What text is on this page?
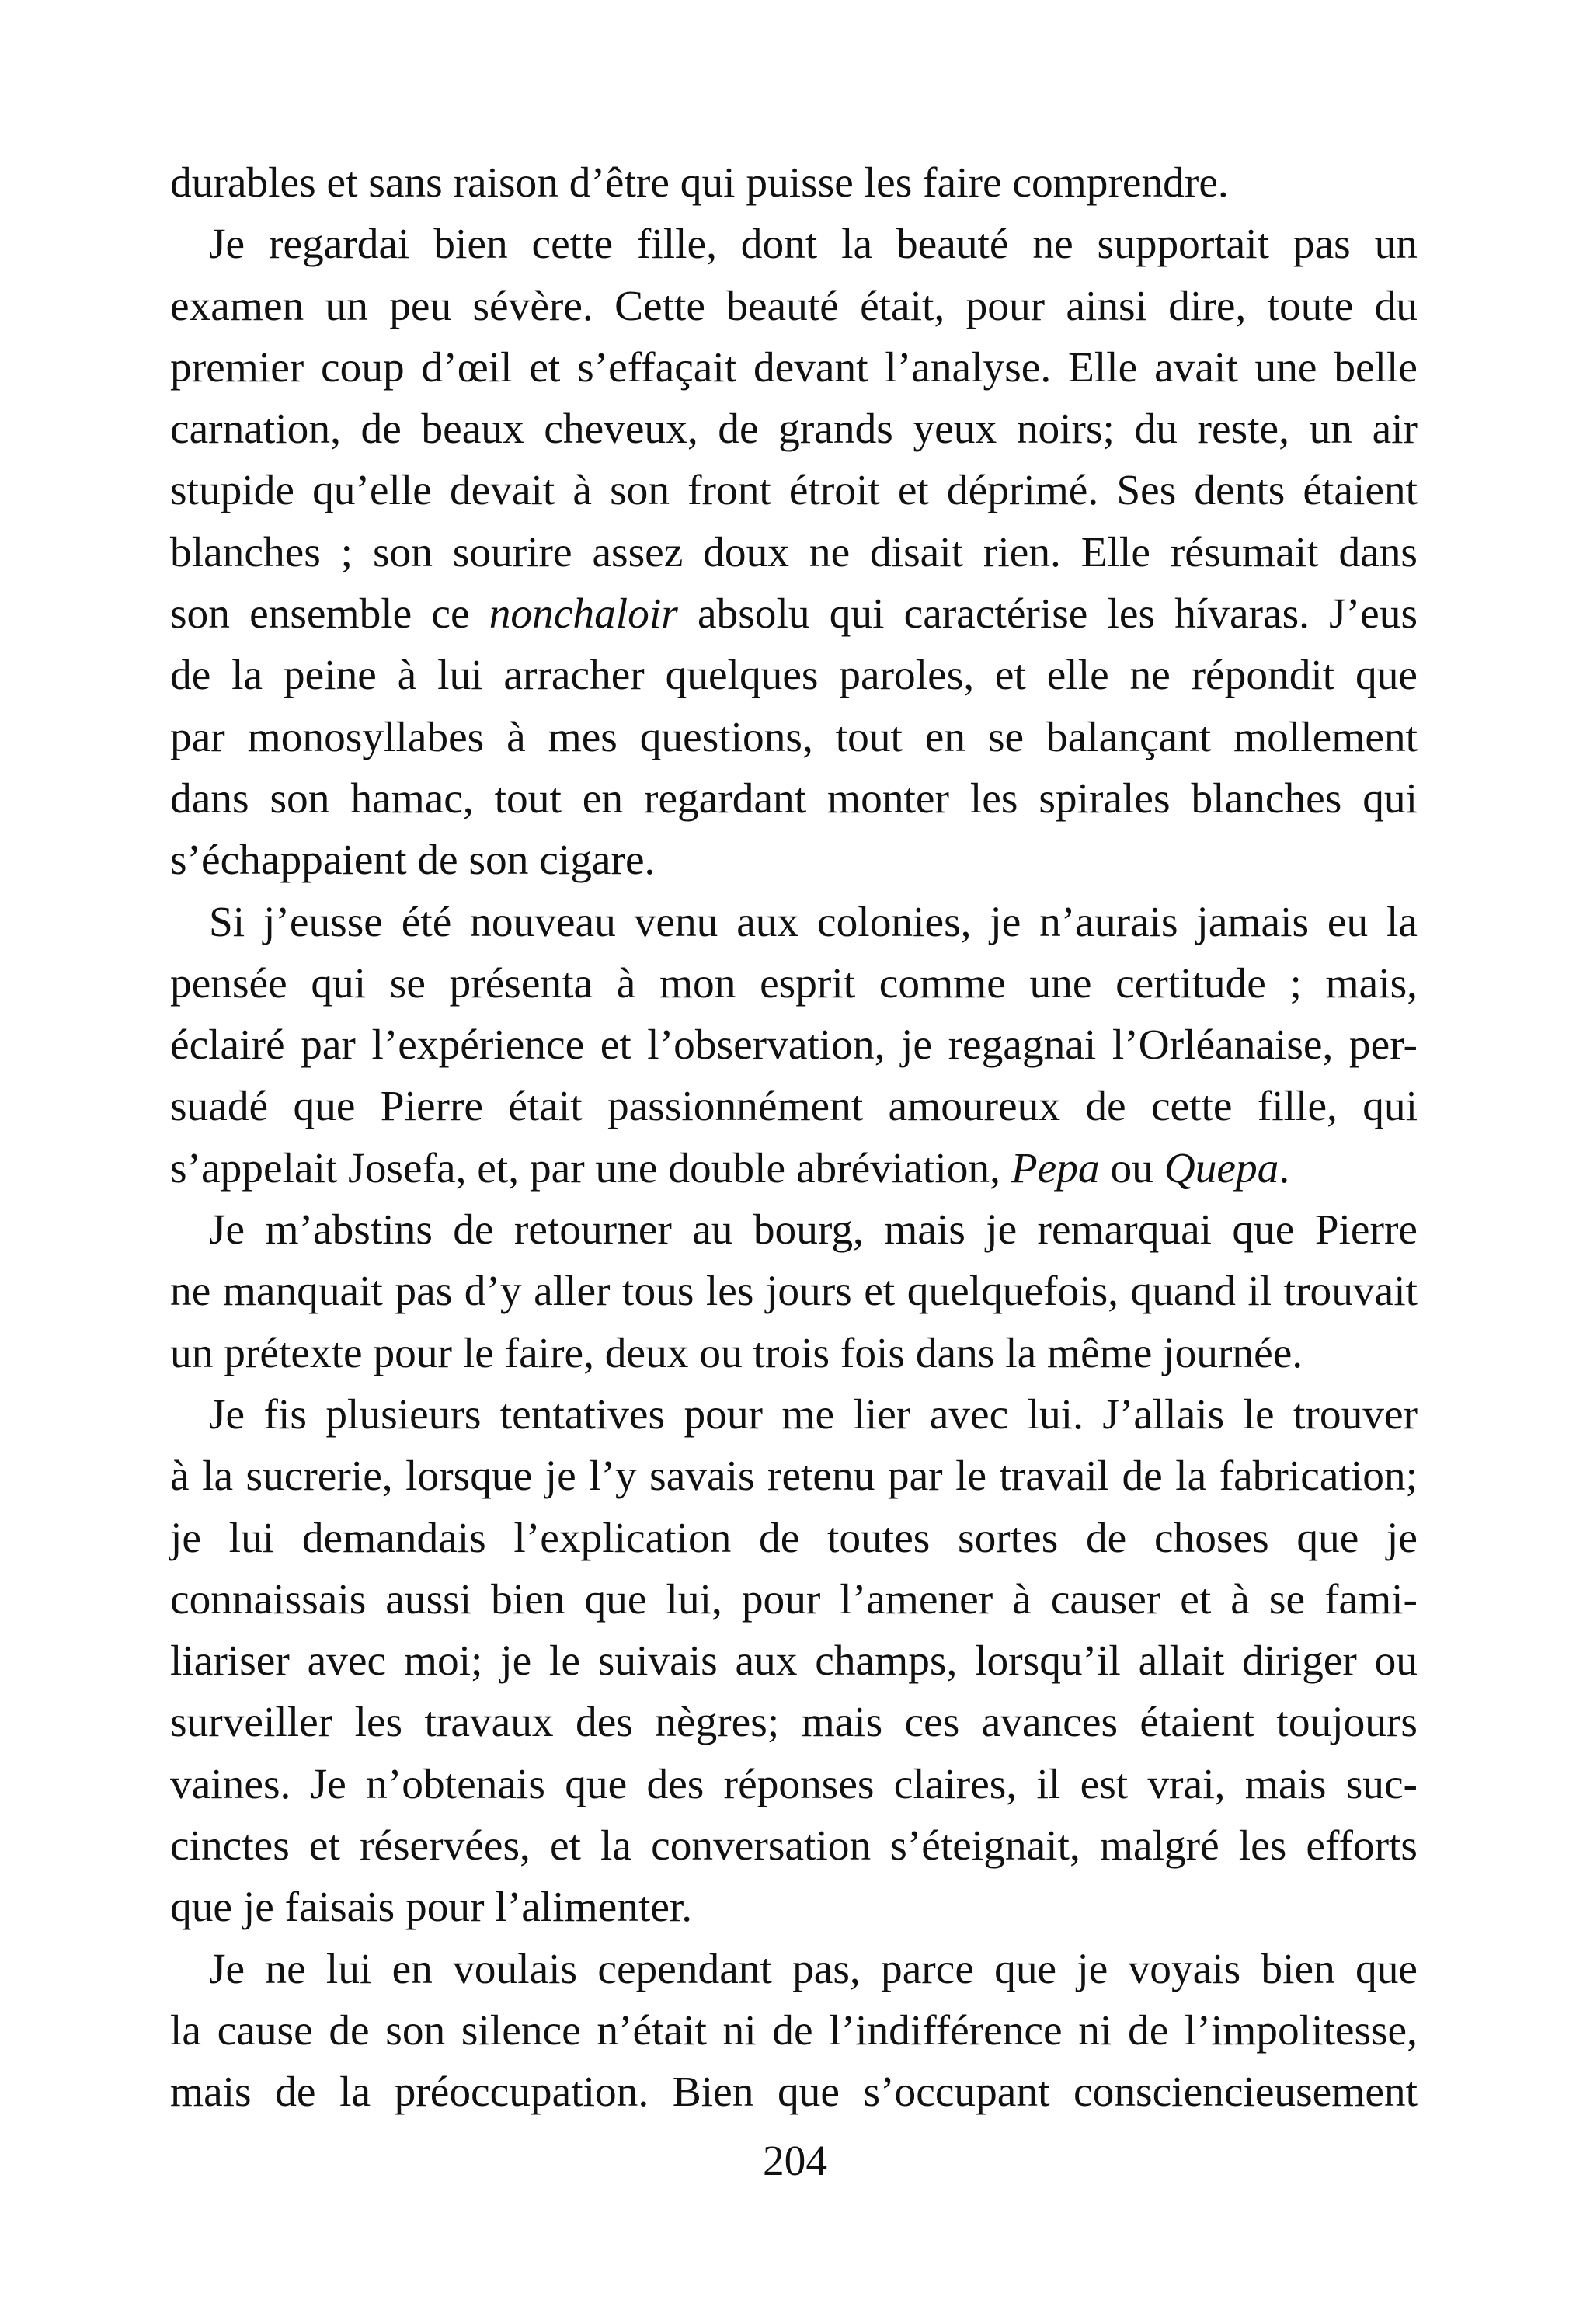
durables et sans raison d’être qui puisse les faire comprendre.
Je regardai bien cette fille, dont la beauté ne supportait pas un
examen un peu sévère. Cette beauté était, pour ainsi dire, toute du
premier coup d’œil et s’effaçait devant l’analyse. Elle avait une belle
carnation, de beaux cheveux, de grands yeux noirs; du reste, un air
stupide qu’elle devait à son front étroit et déprimé. Ses dents étaient
blanches ; son sourire assez doux ne disait rien. Elle résumait dans
son ensemble ce nonchaloir absolu qui caractérise les hívaras. J’eus
de la peine à lui arracher quelques paroles, et elle ne répondit que
par monosyllabes à mes questions, tout en se balançant mollement
dans son hamac, tout en regardant monter les spirales blanches qui
s’échappaient de son cigare.
Si j’eusse été nouveau venu aux colonies, je n’aurais jamais eu la
pensée qui se présenta à mon esprit comme une certitude ; mais,
éclairé par l’expérience et l’observation, je regagnai l’Orléanaise, per-
suadé que Pierre était passionnément amoureux de cette fille, qui
s’appelait Josefa, et, par une double abréviation, Pepa ou Quepa.
Je m’abstins de retourner au bourg, mais je remarquai que Pierre
ne manquait pas d’y aller tous les jours et quelquefois, quand il trouvait
un prétexte pour le faire, deux ou trois fois dans la même journée.
Je fis plusieurs tentatives pour me lier avec lui. J’allais le trouver
à la sucrerie, lorsque je l’y savais retenu par le travail de la fabrication;
je lui demandais l’explication de toutes sortes de choses que je
connaissais aussi bien que lui, pour l’amener à causer et à se fami-
liariser avec moi; je le suivais aux champs, lorsqu’il allait diriger ou
surveiller les travaux des nègres; mais ces avances étaient toujours
vaines. Je n’obtenais que des réponses claires, il est vrai, mais suc-
cinctes et réservées, et la conversation s’éteignait, malgré les efforts
que je faisais pour l’alimenter.
Je ne lui en voulais cependant pas, parce que je voyais bien que
la cause de son silence n’était ni de l’indifférence ni de l’impolitesse,
mais de la préoccupation. Bien que s’occupant consciencieusement
204
